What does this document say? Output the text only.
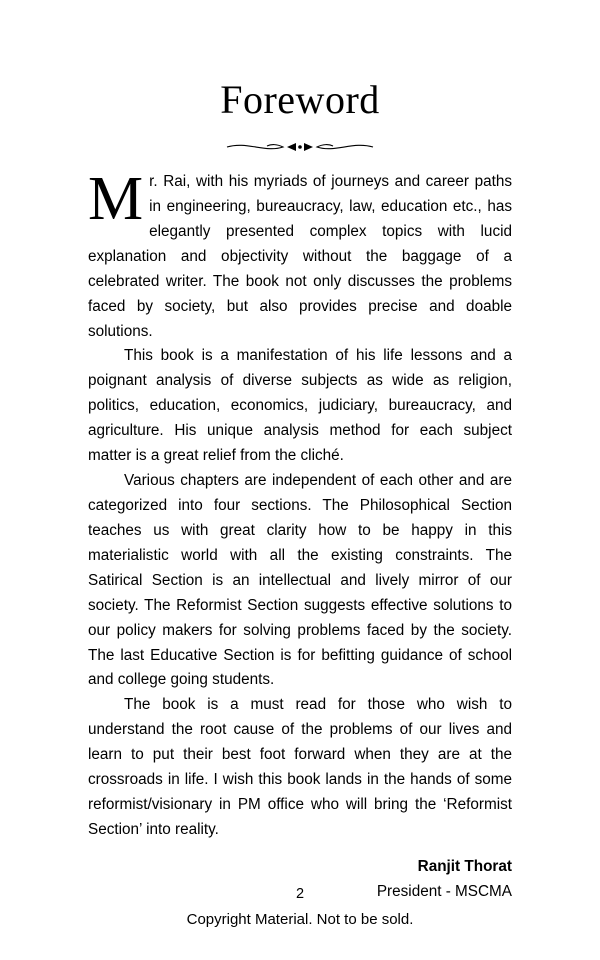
Foreword

Mr. Rai, with his myriads of journeys and career paths in engineering, bureaucracy, law, education etc., has elegantly presented complex topics with lucid explanation and objectivity without the baggage of a celebrated writer. The book not only discusses the problems faced by society, but also provides precise and doable solutions.

This book is a manifestation of his life lessons and a poignant analysis of diverse subjects as wide as religion, politics, education, economics, judiciary, bureaucracy, and agriculture. His unique analysis method for each subject matter is a great relief from the cliché.

Various chapters are independent of each other and are categorized into four sections. The Philosophical Section teaches us with great clarity how to be happy in this materialistic world with all the existing constraints. The Satirical Section is an intellectual and lively mirror of our society. The Reformist Section suggests effective solutions to our policy makers for solving problems faced by the society. The last Educative Section is for befitting guidance of school and college going students.

The book is a must read for those who wish to understand the root cause of the problems of our lives and learn to put their best foot forward when they are at the crossroads in life. I wish this book lands in the hands of some reformist/visionary in PM office who will bring the ‘Reformist Section’ into reality.

Ranjit Thorat
President - MSCMA
2
Copyright Material. Not to be sold.
